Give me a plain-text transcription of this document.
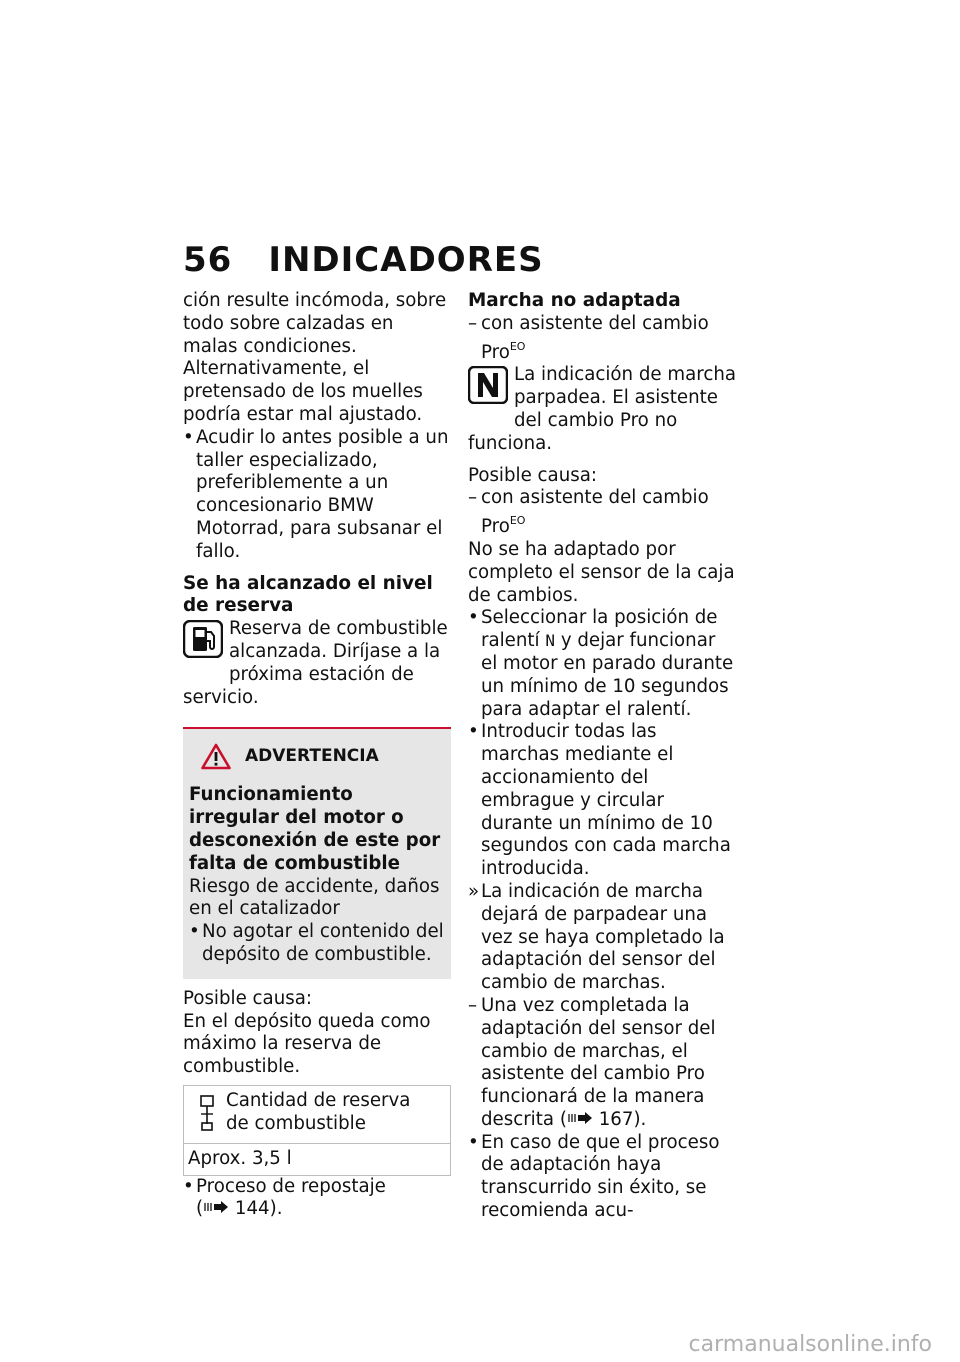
56 INDICADORES

ción resulte incómoda, sobre todo sobre calzadas en malas condiciones. Alternativamente, el pretensado de los muelles podría estar mal ajustado.

• Acudir lo antes posible a un taller especializado, preferiblemente a un concesionario BMW Motorrad, para subsanar el fallo.

Se ha alcanzado el nivel de reserva

Reserva de combustible alcanzada. Diríjase a la próxima estación de servicio.
ADVERTENCIA

Funcionamiento irregular del motor o desconexión de este por falta de combustible

Riesgo de accidente, daños en el catalizador

• No agotar el contenido del depósito de combustible.

Posible causa:

En el depósito queda como máximo la reserva de combustible.

Cantidad de reserva de combustible
Aprox. 3,5 l

• Proceso de repostaje
( 144).

Marcha no adaptada

– con asistente del cambio Pro$^{EO}$

La indicación de marcha parpadea. El asistente del cambio Pro no funciona.

Posible causa:

– con asistente del cambio Pro$^{EO}$

No se ha adaptado por completo el sensor de la caja de cambios.

• Seleccionar la posición de ralentí N y dejar funcionar el motor en parado durante un mínimo de 10 segundos para adaptar el ralentí.

• Introducir todas las marchas mediante el accionamiento del embrague y circular durante un mínimo de 10 segundos con cada marcha introducida.

» La indicación de marcha dejará de parpadear una vez se haya completado la adaptación del sensor del cambio de marchas.

– Una vez completada la adaptación del sensor del cambio de marchas, el asistente del cambio Pro funcionará de la manera descrita ( 167).

• En caso de que el proceso de adaptación haya transcurrido sin éxito, se recomienda acu-

carmanualsonline.info
